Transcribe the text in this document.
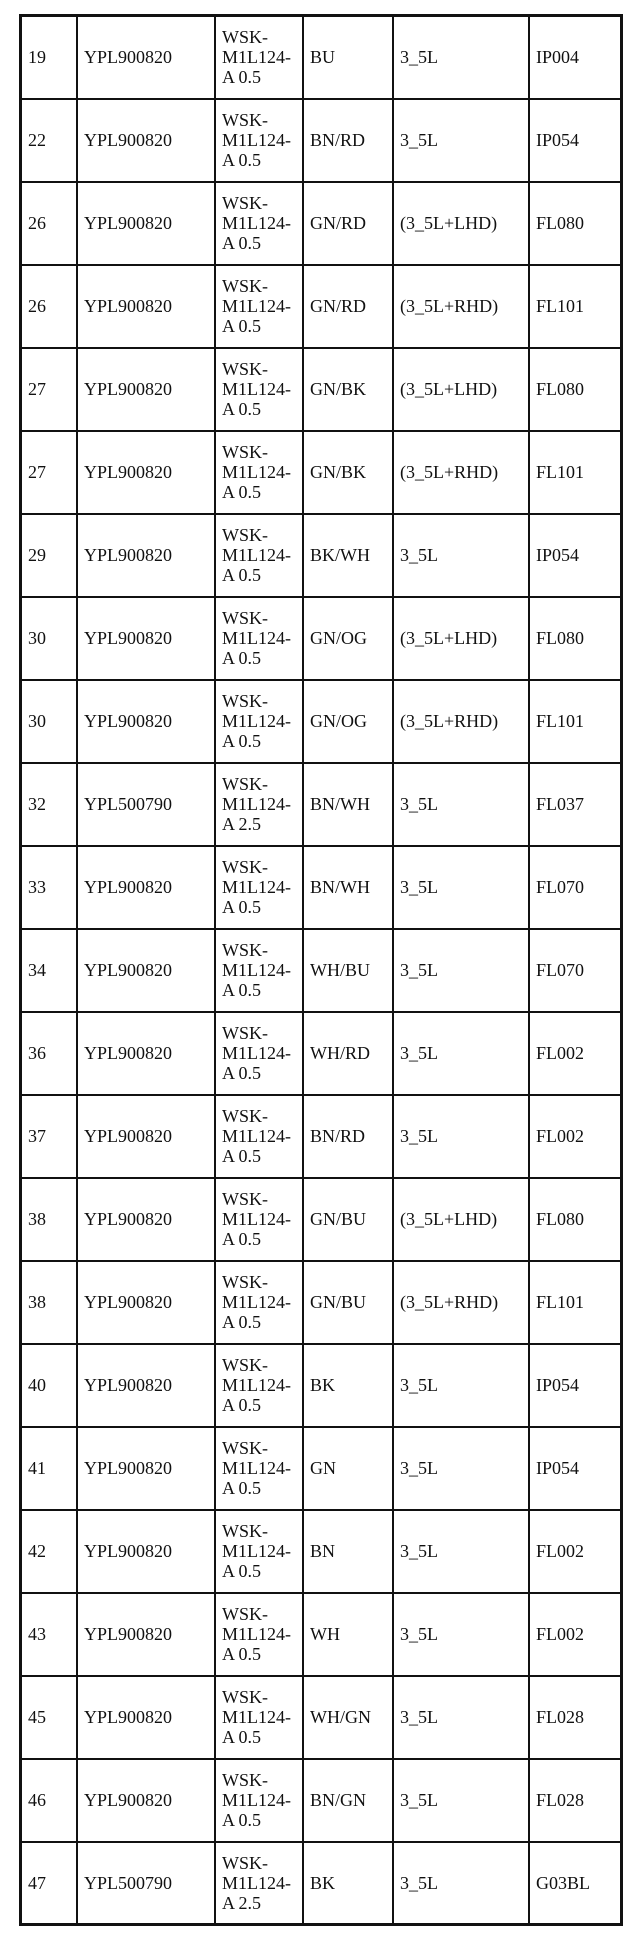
19	YPL900820	WSK-
M1L124-
A 0.5	BU	3_5L	IP004
22	YPL900820	WSK-
M1L124-
A 0.5	BN/RD	3_5L	IP054
26	YPL900820	WSK-
M1L124-
A 0.5	GN/RD	(3_5L+LHD)	FL080
26	YPL900820	WSK-
M1L124-
A 0.5	GN/RD	(3_5L+RHD)	FL101
27	YPL900820	WSK-
M1L124-
A 0.5	GN/BK	(3_5L+LHD)	FL080
27	YPL900820	WSK-
M1L124-
A 0.5	GN/BK	(3_5L+RHD)	FL101
29	YPL900820	WSK-
M1L124-
A 0.5	BK/WH	3_5L	IP054
30	YPL900820	WSK-
M1L124-
A 0.5	GN/OG	(3_5L+LHD)	FL080
30	YPL900820	WSK-
M1L124-
A 0.5	GN/OG	(3_5L+RHD)	FL101
32	YPL500790	WSK-
M1L124-
A 2.5	BN/WH	3_5L	FL037
33	YPL900820	WSK-
M1L124-
A 0.5	BN/WH	3_5L	FL070
34	YPL900820	WSK-
M1L124-
A 0.5	WH/BU	3_5L	FL070
36	YPL900820	WSK-
M1L124-
A 0.5	WH/RD	3_5L	FL002
37	YPL900820	WSK-
M1L124-
A 0.5	BN/RD	3_5L	FL002
38	YPL900820	WSK-
M1L124-
A 0.5	GN/BU	(3_5L+LHD)	FL080
38	YPL900820	WSK-
M1L124-
A 0.5	GN/BU	(3_5L+RHD)	FL101
40	YPL900820	WSK-
M1L124-
A 0.5	BK	3_5L	IP054
41	YPL900820	WSK-
M1L124-
A 0.5	GN	3_5L	IP054
42	YPL900820	WSK-
M1L124-
A 0.5	BN	3_5L	FL002
43	YPL900820	WSK-
M1L124-
A 0.5	WH	3_5L	FL002
45	YPL900820	WSK-
M1L124-
A 0.5	WH/GN	3_5L	FL028
46	YPL900820	WSK-
M1L124-
A 0.5	BN/GN	3_5L	FL028
47	YPL500790	WSK-
M1L124-
A 2.5	BK	3_5L	G03BL
